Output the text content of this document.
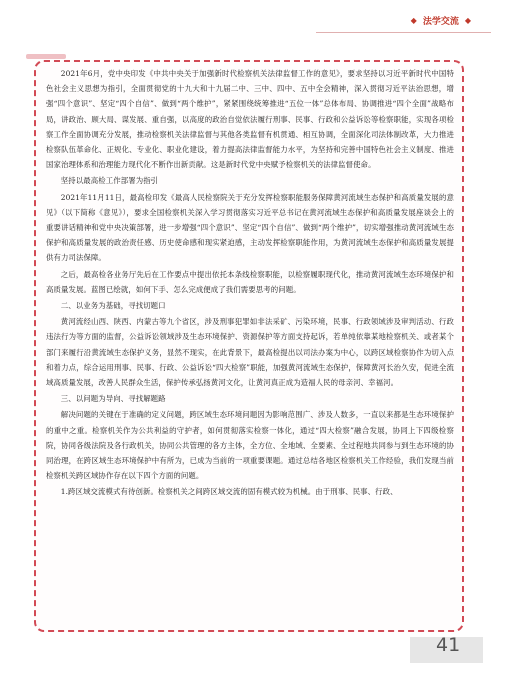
◆ 法学交流 ◆

2021年6月，党中央印发《中共中央关于加强新时代检察机关法律监督工作的意见》，要求坚持以习近平新时代中国特色社会主义思想为指引，全面贯彻党的十九大和十九届二中、三中、四中、五中全会精神，深入贯彻习近平法治思想，增强“四个意识”、坚定“四个自信”、做到“两个维护”，紧紧围绕统筹推进“五位一体”总体布局、协调推进“四个全面”战略布局，讲政治、顾大局、谋发展、重自强，以高度的政治自觉依法履行刑事、民事、行政和公益诉讼等检察职能，实现各项检察工作全面协调充分发展，推动检察机关法律监督与其他各类监督有机贯通、相互协调，全面深化司法体制改革，大力推进检察队伍革命化、正规化、专业化、职业化建设，着力提高法律监督能力水平，为坚持和完善中国特色社会主义制度、推进国家治理体系和治理能力现代化不断作出新贡献。这是新时代党中央赋予检察机关的法律监督使命。

坚持以最高检工作部署为指引

2021年11月11日，最高检印发《最高人民检察院关于充分发挥检察职能服务保障黄河流域生态保护和高质量发展的意见》（以下简称《意见》），要求全国检察机关深入学习贯彻落实习近平总书记在黄河流域生态保护和高质量发展座谈会上的重要讲话精神和党中央决策部署，进一步增强“四个意识”、坚定“四个自信”、做到“两个维护”，切实增强推动黄河流域生态保护和高质量发展的政治责任感、历史使命感和现实紧迫感，主动发挥检察职能作用，为黄河流域生态保护和高质量发展提供有力司法保障。

之后，最高检各业务厅先后在工作要点中提出依托本条线检察职能，以检察履职现代化，推动黄河流域生态环境保护和高质量发展。蓝图已绘就，如何下手、怎么完成便成了我们需要思考的问题。

二、以业务为基础，寻找切题口

黄河流经山西、陕西、内蒙古等九个省区，涉及刑事犯罪如非法采矿、污染环境，民事、行政领域涉及审判活动、行政违法行为等方面的监督，公益诉讼领域涉及生态环境保护、资源保护等方面支持起诉，若单纯依靠某地检察机关、或者某个部门来履行沿黄流域生态保护义务，显然不现实，在此背景下，最高检提出以司法办案为中心，以跨区域检察协作为切入点和着力点，综合运用刑事、民事、行政、公益诉讼“四大检察”职能，加强黄河流域生态保护，保障黄河长治久安，促进全流域高质量发展，改善人民群众生活，保护传承弘扬黄河文化，让黄河真正成为造福人民的母亲河、幸福河。

三、以问题为导向、寻找解题路

解决问题的关键在于准确的定义问题，跨区域生态环境问题因为影响范围广、涉及人数多，一直以来都是生态环境保护的重中之重。检察机关作为公共利益的守护者，如何贯彻落实检察一体化，通过“四大检察”融合发展，协同上下四级检察院，协同各级法院及各行政机关，协同公共管理的各方主体，全方位、全地域、全要素、全过程地共同参与到生态环境的协同治理，在跨区域生态环境保护中有所为，已成为当前的一项重要课题。通过总结各地区检察机关工作经验，我们发现当前检察机关跨区域协作存在以下四个方面的问题。

1.跨区域交流模式有待创新。检察机关之间跨区域交流的固有模式较为机械。由于刑事、民事、行政、

41
